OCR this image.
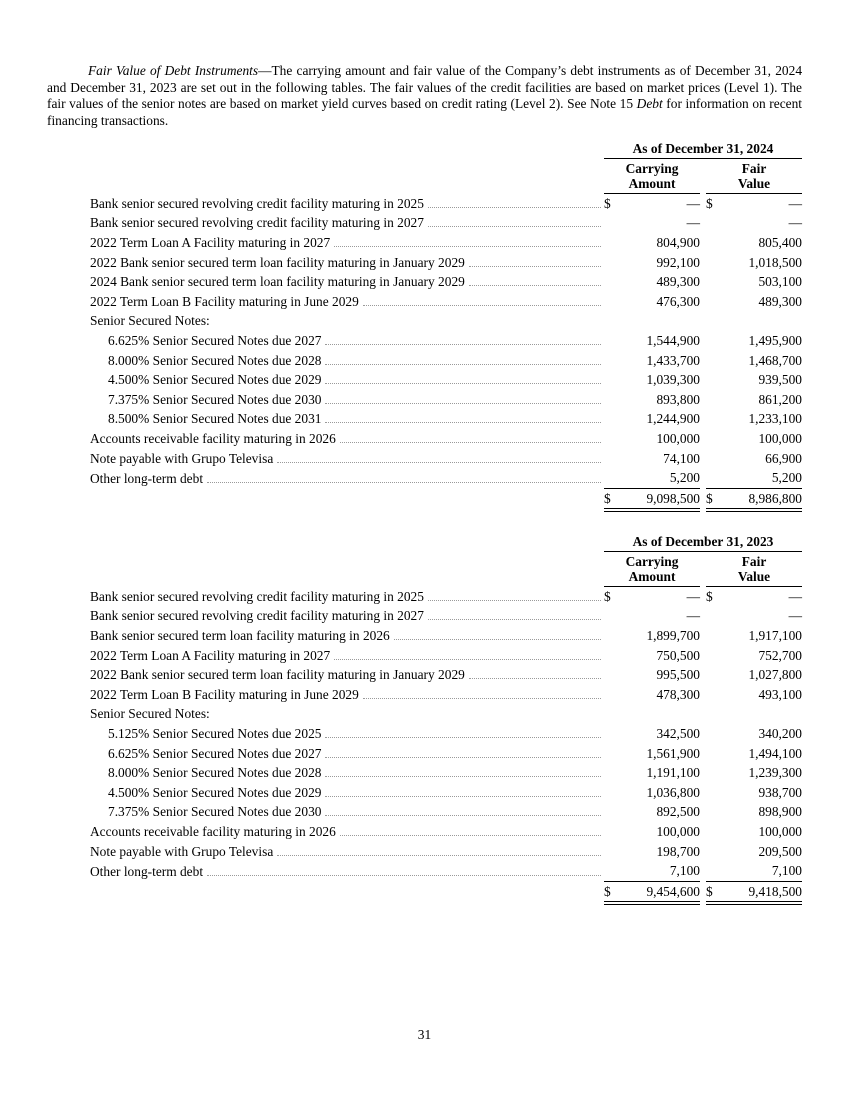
Fair Value of Debt Instruments—The carrying amount and fair value of the Company’s debt instruments as of December 31, 2024 and December 31, 2023 are set out in the following tables. The fair values of the credit facilities are based on market prices (Level 1). The fair values of the senior notes are based on market yield curves based on credit rating (Level 2). See Note 15 Debt for information on recent financing transactions.

	As of December 31, 2024				

Carrying
Amount

Fair
Value

Bank senior secured revolving credit facility maturing in 2025	$	—		$	—

Bank senior secured revolving credit facility maturing in 2027		—			—

2022 Term Loan A Facility maturing in 2027		804,900			805,400

2022 Bank senior secured term loan facility maturing in January 2029		992,100			1,018,500

2024 Bank senior secured term loan facility maturing in January 2029		489,300			503,100

2022 Term Loan B Facility maturing in June 2029		476,300			489,300

Senior Secured Notes:					

6.625% Senior Secured Notes due 2027		1,544,900			1,495,900

8.000% Senior Secured Notes due 2028		1,433,700			1,468,700

4.500% Senior Secured Notes due 2029		1,039,300			939,500

7.375% Senior Secured Notes due 2030		893,800			861,200

8.500% Senior Secured Notes due 2031		1,244,900			1,233,100

Accounts receivable facility maturing in 2026		100,000			100,000

Note payable with Grupo Televisa		74,100			66,900

Other long-term debt		5,200			5,200
	$	9,098,500		$	8,986,800

	As of December 31, 2023				

Carrying
Amount

Fair
Value

Bank senior secured revolving credit facility maturing in 2025	$	—		$	—

Bank senior secured revolving credit facility maturing in 2027		—			—

Bank senior secured term loan facility maturing in 2026		1,899,700			1,917,100

2022 Term Loan A Facility maturing in 2027		750,500			752,700

2022 Bank senior secured term loan facility maturing in January 2029		995,500			1,027,800

2022 Term Loan B Facility maturing in June 2029		478,300			493,100

Senior Secured Notes:					

5.125% Senior Secured Notes due 2025		342,500			340,200

6.625% Senior Secured Notes due 2027		1,561,900			1,494,100

8.000% Senior Secured Notes due 2028		1,191,100			1,239,300

4.500% Senior Secured Notes due 2029		1,036,800			938,700

7.375% Senior Secured Notes due 2030		892,500			898,900

Accounts receivable facility maturing in 2026		100,000			100,000

Note payable with Grupo Televisa		198,700			209,500

Other long-term debt		7,100			7,100
	$	9,454,600		$	9,418,500
31
